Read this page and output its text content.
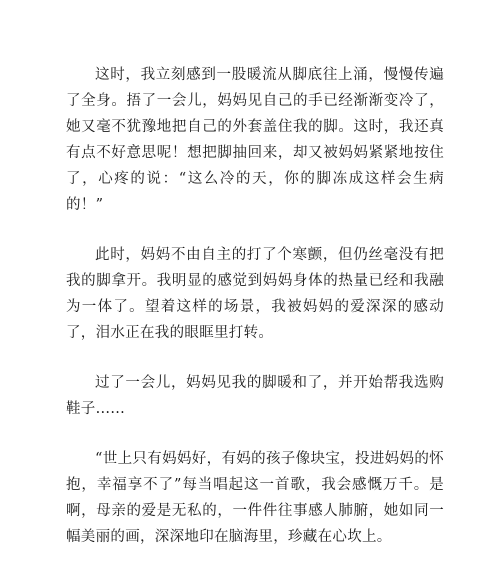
这时，我立刻感到一股暖流从脚底往上涌，慢慢传遍了全身。捂了一会儿，妈妈见自己的手已经渐渐变冷了，她又毫不犹豫地把自己的外套盖住我的脚。这时，我还真有点不好意思呢！想把脚抽回来，却又被妈妈紧紧地按住了，心疼的说：“这么冷的天，你的脚冻成这样会生病的！”

此时，妈妈不由自主的打了个寒颤，但仍丝毫没有把我的脚拿开。我明显的感觉到妈妈身体的热量已经和我融为一体了。望着这样的场景，我被妈妈的爱深深的感动了，泪水正在我的眼眶里打转。

过了一会儿，妈妈见我的脚暖和了，并开始帮我选购鞋子......

“世上只有妈妈好，有妈的孩子像块宝，投进妈妈的怀抱，幸福享不了”每当唱起这一首歌，我会感慨万千。是啊，母亲的爱是无私的，一件件往事感人肺腑，她如同一幅美丽的画，深深地印在脑海里，珍藏在心坎上。
